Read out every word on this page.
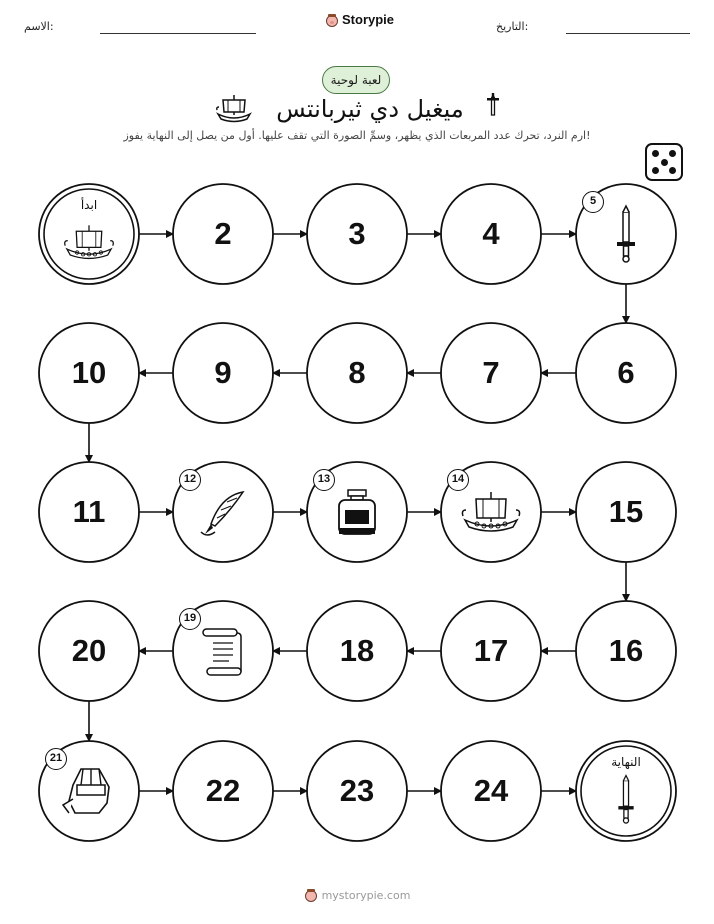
الاسم:	التاريخ:
Storypie
لعبة لوحية
ميغيل دي ثيربانتس
ارم النرد، تحرك عدد المربعات الذي يظهر، وسمِّ الصورة التي تقف عليها. أول من يصل إلى النهاية يفوز!
ابدأ
2	3	4
5
6
7
8
9
10
11
12	13	14
15
16
17
18
19
20
21
22	23	24
النهاية
mystorypie.com
